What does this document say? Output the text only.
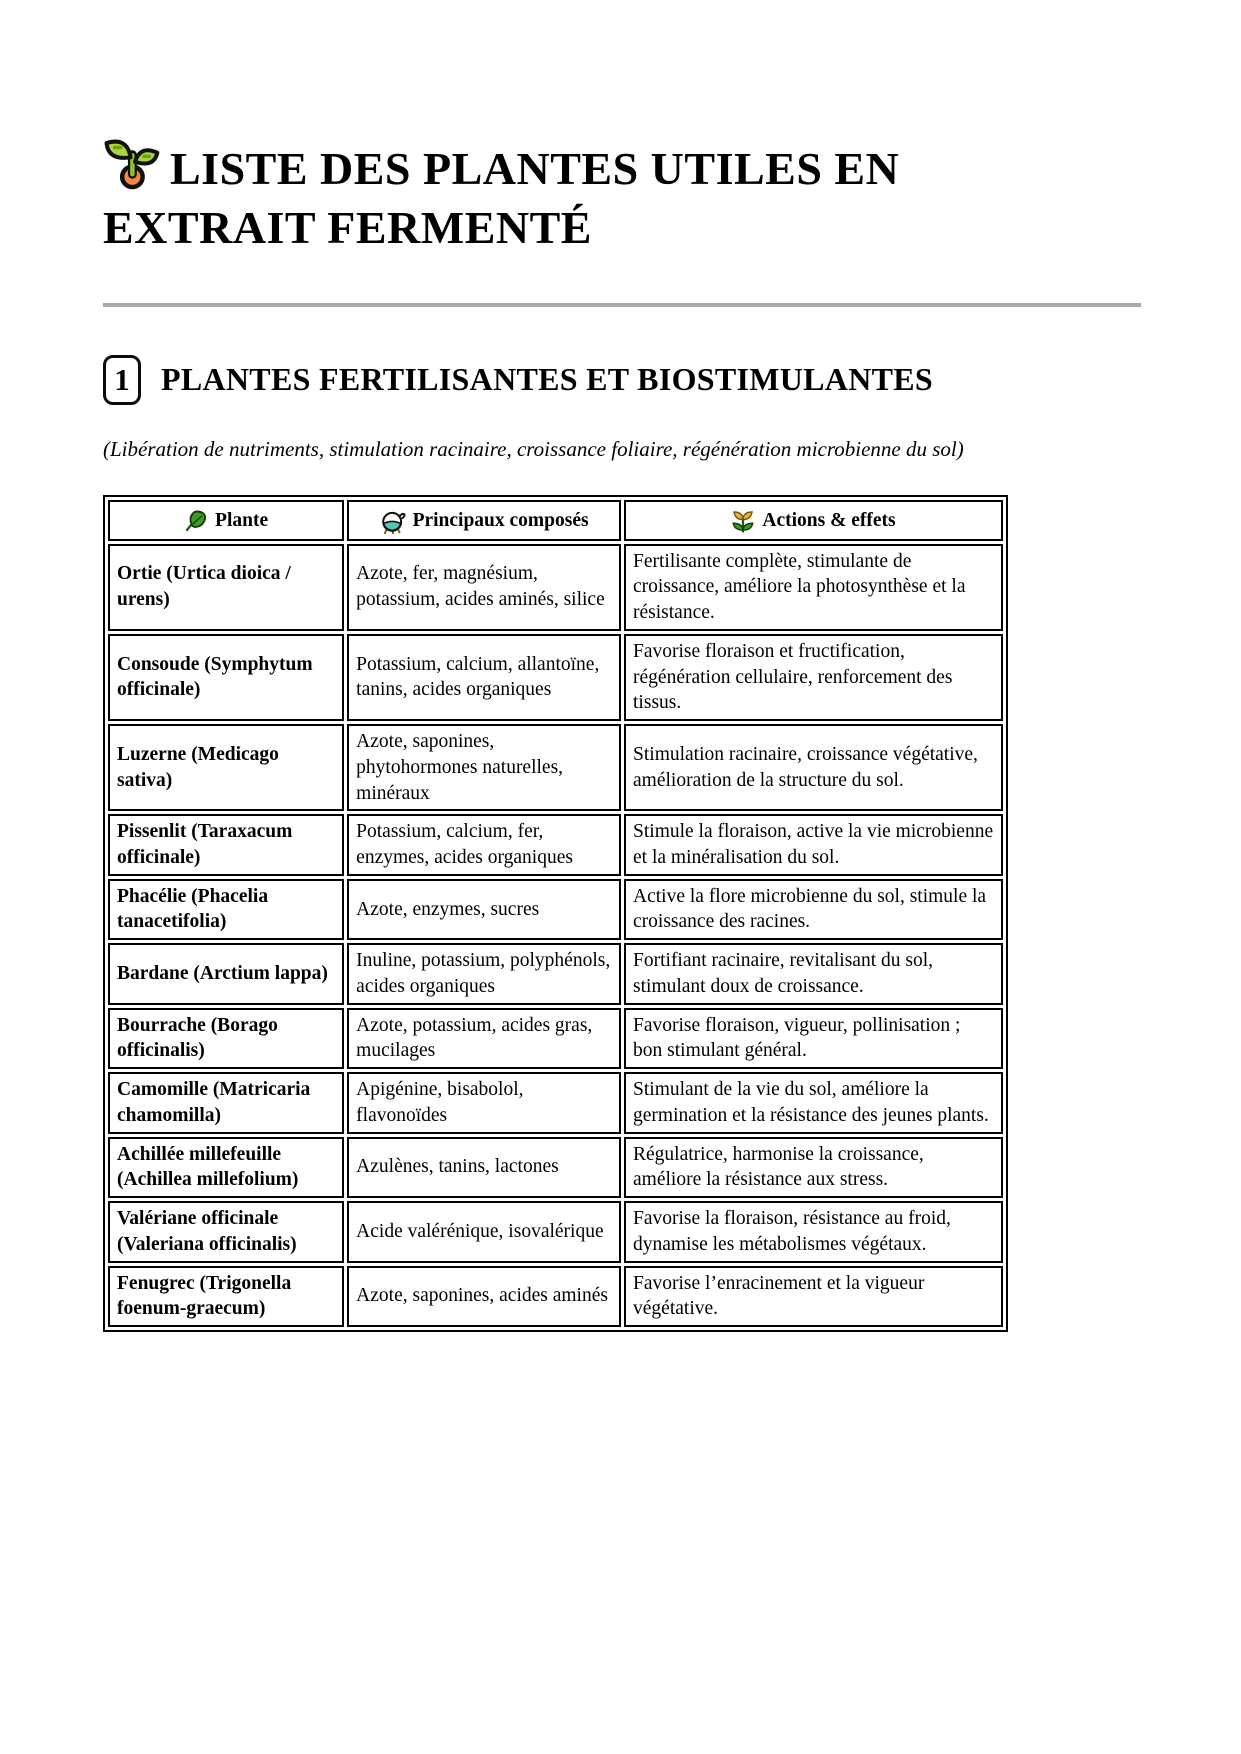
LISTE DES PLANTES UTILES EN
EXTRAIT FERMENTÉ
1 PLANTES FERTILISANTES ET BIOSTIMULANTES
(Libération de nutriments, stimulation racinaire, croissance foliaire, régénération microbienne du sol)
Plante	Principaux composés	Actions & effets

Ortie (Urtica dioica / urens)	Azote, fer, magnésium, potassium, acides aminés, silice	Fertilisante complète, stimulante de croissance, améliore la photosynthèse et la résistance.
Consoude (Symphytum officinale)	Potassium, calcium, allantoïne, tanins, acides organiques	Favorise floraison et fructification, régénération cellulaire, renforcement des tissus.
Luzerne (Medicago sativa)	Azote, saponines, phytohormones naturelles, minéraux	Stimulation racinaire, croissance végétative, amélioration de la structure du sol.
Pissenlit (Taraxacum officinale)	Potassium, calcium, fer, enzymes, acides organiques	Stimule la floraison, active la vie microbienne et la minéralisation du sol.
Phacélie (Phacelia tanacetifolia)	Azote, enzymes, sucres	Active la flore microbienne du sol, stimule la croissance des racines.
Bardane (Arctium lappa)	Inuline, potassium, polyphénols, acides organiques	Fortifiant racinaire, revitalisant du sol, stimulant doux de croissance.
Bourrache (Borago officinalis)	Azote, potassium, acides gras, mucilages	Favorise floraison, vigueur, pollinisation ; bon stimulant général.
Camomille (Matricaria chamomilla)	Apigénine, bisabolol, flavonoïdes	Stimulant de la vie du sol, améliore la germination et la résistance des jeunes plants.
Achillée millefeuille (Achillea millefolium)	Azulènes, tanins, lactones	Régulatrice, harmonise la croissance, améliore la résistance aux stress.
Valériane officinale (Valeriana officinalis)	Acide valérénique, isovalérique	Favorise la floraison, résistance au froid, dynamise les métabolismes végétaux.
Fenugrec (Trigonella foenum-graecum)	Azote, saponines, acides aminés	Favorise l’enracinement et la vigueur végétative.
